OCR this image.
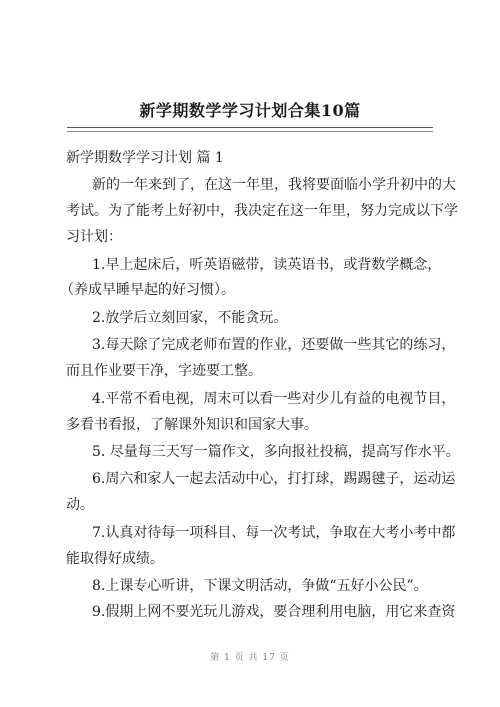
新学期数学学习计划合集10篇
新学期数学学习计划 篇 1
新的一年来到了，在这一年里，我将要面临小学升初中的大
考试。为了能考上好初中，我决定在这一年里，努力完成以下学
习计划：
1.早上起床后，听英语磁带，读英语书，或背数学概念，
（养成早睡早起的好习惯）。
2.放学后立刻回家，不能贪玩。
3.每天除了完成老师布置的作业，还要做一些其它的练习，
而且作业要干净，字迹要工整。
4.平常不看电视，周末可以看一些对少儿有益的电视节目，
多看书看报，了解课外知识和国家大事。
5. 尽量每三天写一篇作文，多向报社投稿，提高写作水平。
6.周六和家人一起去活动中心，打打球，踢踢毽子，运动运
动。
7.认真对待每一项科目、每一次考试，争取在大考小考中都
能取得好成绩。
8.上课专心听讲，下课文明活动，争做“五好小公民”。
9.假期上网不要光玩儿游戏，要合理利用电脑，用它来查资
第 1 页 共 17 页
